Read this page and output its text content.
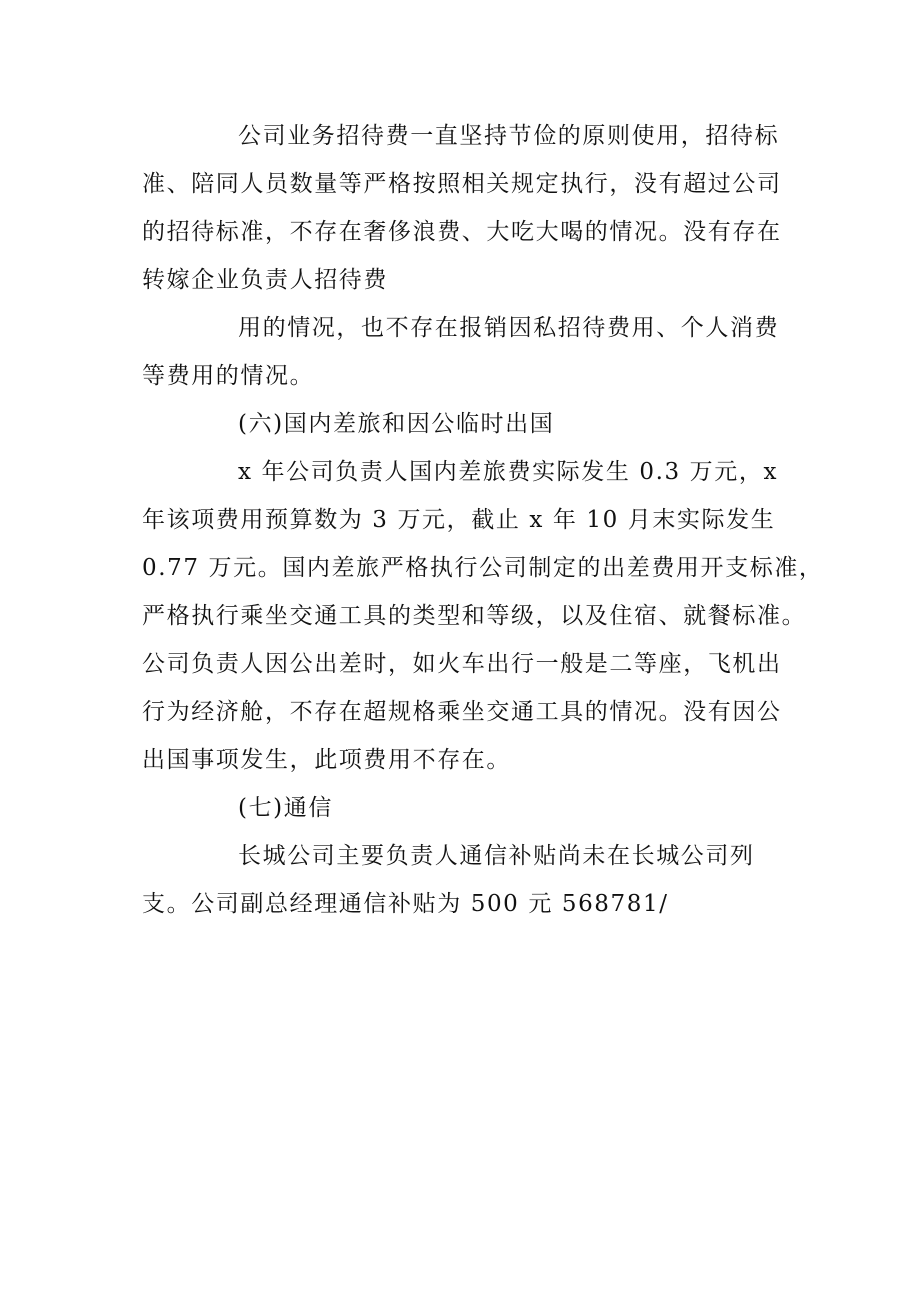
公司业务招待费一直坚持节俭的原则使用，招待标
准、陪同人员数量等严格按照相关规定执行，没有超过公司
的招待标准，不存在奢侈浪费、大吃大喝的情况。没有存在
转嫁企业负责人招待费
用的情况，也不存在报销因私招待费用、个人消费
等费用的情况。
(六)国内差旅和因公临时出国
x 年公司负责人国内差旅费实际发生 0.3 万元，x
年该项费用预算数为 3 万元，截止 x 年 10 月末实际发生
0.77 万元。国内差旅严格执行公司制定的出差费用开支标准，
严格执行乘坐交通工具的类型和等级，以及住宿、就餐标准。
公司负责人因公出差时，如火车出行一般是二等座，飞机出
行为经济舱，不存在超规格乘坐交通工具的情况。没有因公
出国事项发生，此项费用不存在。
(七)通信
长城公司主要负责人通信补贴尚未在长城公司列
支。公司副总经理通信补贴为 500 元 568781/
